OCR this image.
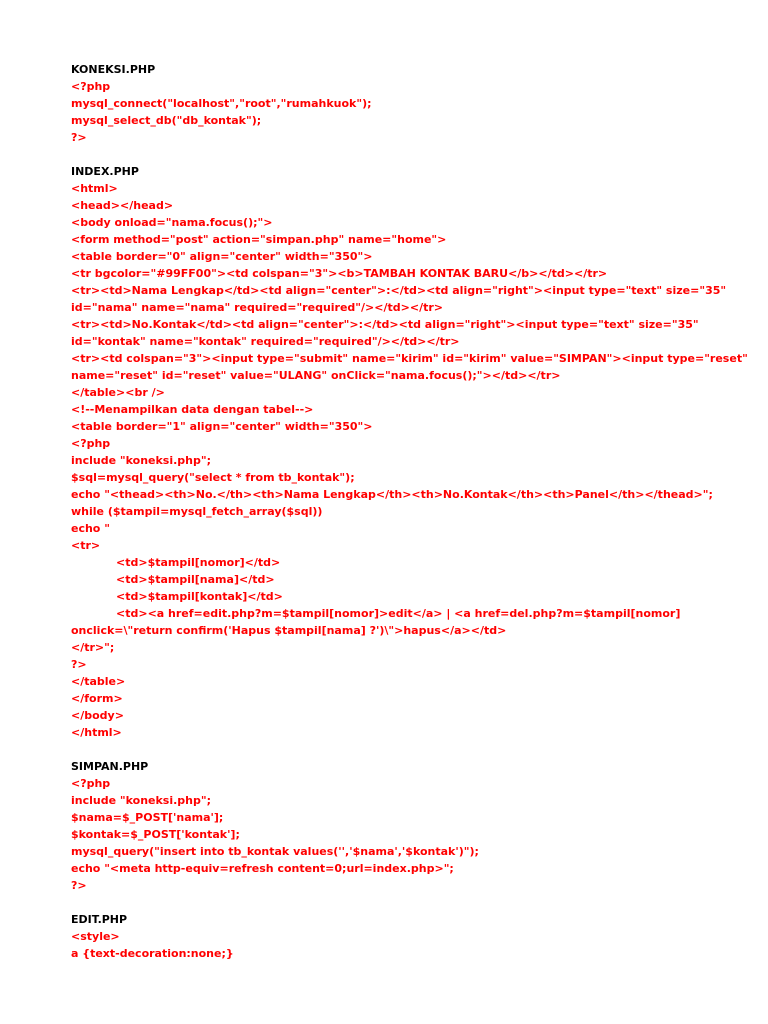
KONEKSI.PHP
<?php
mysql_connect("localhost","root","rumahkuok");
mysql_select_db("db_kontak");
?>
INDEX.PHP
<html>
<head></head>
<body onload="nama.focus();">
<form method="post" action="simpan.php" name="home">
<table border="0" align="center" width="350">
<tr bgcolor="#99FF00"><td colspan="3"><b>TAMBAH KONTAK BARU</b></td></tr>
<tr><td>Nama Lengkap</td><td align="center">:</td><td align="right"><input type="text" size="35"
id="nama" name="nama" required="required"/></td></tr>
<tr><td>No.Kontak</td><td align="center">:</td><td align="right"><input type="text" size="35"
id="kontak" name="kontak" required="required"/></td></tr>
<tr><td colspan="3"><input type="submit" name="kirim" id="kirim" value="SIMPAN"><input type="reset"
name="reset" id="reset" value="ULANG" onClick="nama.focus();"></td></tr>
</table><br />
<!--Menampilkan data dengan tabel-->
<table border="1" align="center" width="350">
<?php
include "koneksi.php";
$sql=mysql_query("select * from tb_kontak");
echo "<thead><th>No.</th><th>Nama Lengkap</th><th>No.Kontak</th><th>Panel</th></thead>";
while ($tampil=mysql_fetch_array($sql))
echo "
<tr>
<td>$tampil[nomor]</td>
<td>$tampil[nama]</td>
<td>$tampil[kontak]</td>
<td><a href=edit.php?m=$tampil[nomor]>edit</a> | <a href=del.php?m=$tampil[nomor]
onclick=\"return confirm('Hapus $tampil[nama] ?')\">hapus</a></td>
</tr>";
?>
</table>
</form>
</body>
</html>
SIMPAN.PHP
<?php
include "koneksi.php";
$nama=$_POST['nama'];
$kontak=$_POST['kontak'];
mysql_query("insert into tb_kontak values('','$nama','$kontak')");
echo "<meta http-equiv=refresh content=0;url=index.php>";
?>
EDIT.PHP
<style>
a {text-decoration:none;}
